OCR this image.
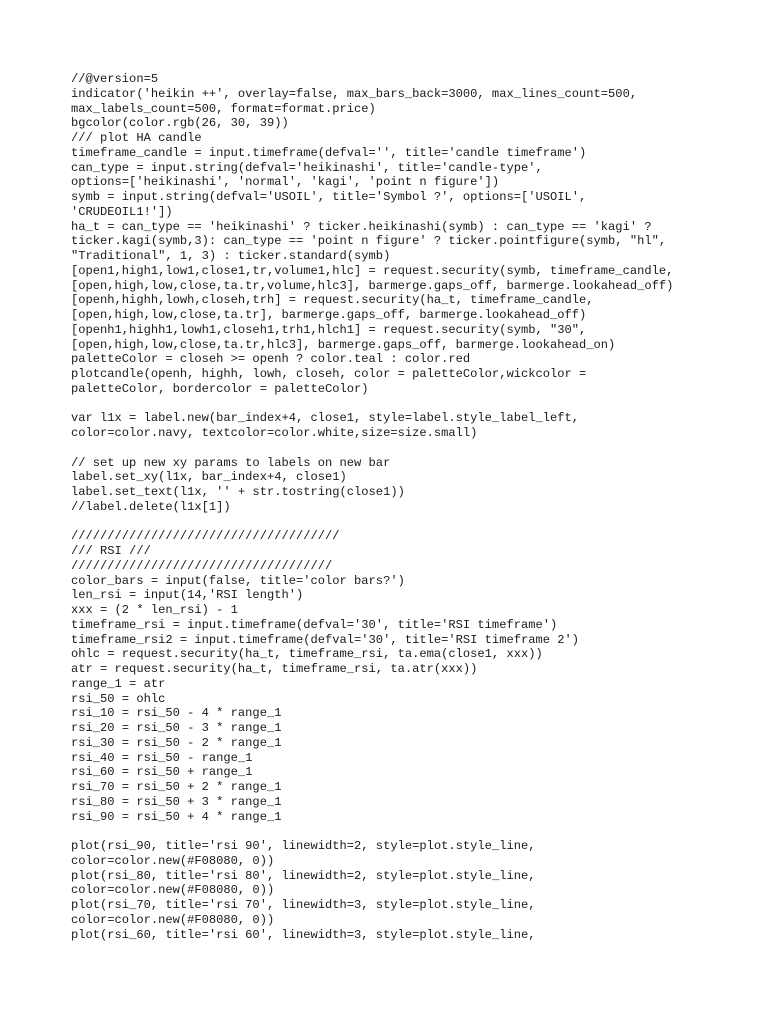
//@version=5
indicator('heikin ++', overlay=false, max_bars_back=3000, max_lines_count=500,
max_labels_count=500, format=format.price)
bgcolor(color.rgb(26, 30, 39))
/// plot HA candle
timeframe_candle = input.timeframe(defval='', title='candle timeframe')
can_type = input.string(defval='heikinashi', title='candle-type',
options=['heikinashi', 'normal', 'kagi', 'point n figure'])
symb = input.string(defval='USOIL', title='Symbol ?', options=['USOIL',
'CRUDEOIL1!'])
ha_t = can_type == 'heikinashi' ? ticker.heikinashi(symb) : can_type == 'kagi' ?
ticker.kagi(symb,3): can_type == 'point n figure' ? ticker.pointfigure(symb, "hl",
"Traditional", 1, 3) : ticker.standard(symb)
[open1,high1,low1,close1,tr,volume1,hlc] = request.security(symb, timeframe_candle,
[open,high,low,close,ta.tr,volume,hlc3], barmerge.gaps_off, barmerge.lookahead_off)
[openh,highh,lowh,closeh,trh] = request.security(ha_t, timeframe_candle,
[open,high,low,close,ta.tr], barmerge.gaps_off, barmerge.lookahead_off)
[openh1,highh1,lowh1,closeh1,trh1,hlch1] = request.security(symb, "30",
[open,high,low,close,ta.tr,hlc3], barmerge.gaps_off, barmerge.lookahead_on)
paletteColor = closeh >= openh ? color.teal : color.red
plotcandle(openh, highh, lowh, closeh, color = paletteColor,wickcolor =
paletteColor, bordercolor = paletteColor)
var l1x = label.new(bar_index+4, close1, style=label.style_label_left,
color=color.navy, textcolor=color.white,size=size.small)
// set up new xy params to labels on new bar
label.set_xy(l1x, bar_index+4, close1)
label.set_text(l1x, '' + str.tostring(close1))
//label.delete(l1x[1])
/////////////////////////////////////
/// RSI ///
////////////////////////////////////
color_bars = input(false, title='color bars?')
len_rsi = input(14,'RSI length')
xxx = (2 * len_rsi) - 1
timeframe_rsi = input.timeframe(defval='30', title='RSI timeframe')
timeframe_rsi2 = input.timeframe(defval='30', title='RSI timeframe 2')
ohlc = request.security(ha_t, timeframe_rsi, ta.ema(close1, xxx))
atr = request.security(ha_t, timeframe_rsi, ta.atr(xxx))
range_1 = atr
rsi_50 = ohlc
rsi_10 = rsi_50 - 4 * range_1
rsi_20 = rsi_50 - 3 * range_1
rsi_30 = rsi_50 - 2 * range_1
rsi_40 = rsi_50 - range_1
rsi_60 = rsi_50 + range_1
rsi_70 = rsi_50 + 2 * range_1
rsi_80 = rsi_50 + 3 * range_1
rsi_90 = rsi_50 + 4 * range_1
plot(rsi_90, title='rsi 90', linewidth=2, style=plot.style_line,
color=color.new(#F08080, 0))
plot(rsi_80, title='rsi 80', linewidth=2, style=plot.style_line,
color=color.new(#F08080, 0))
plot(rsi_70, title='rsi 70', linewidth=3, style=plot.style_line,
color=color.new(#F08080, 0))
plot(rsi_60, title='rsi 60', linewidth=3, style=plot.style_line,
